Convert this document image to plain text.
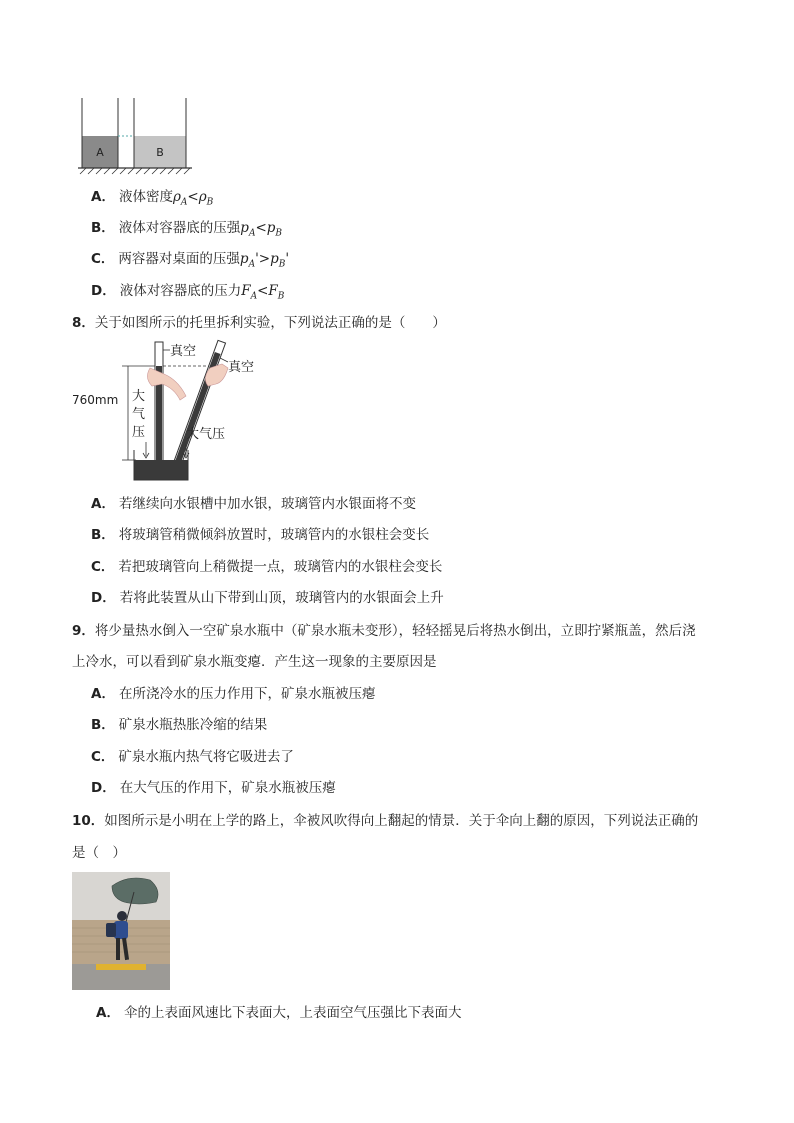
A	B
A． 液体密度$\rho_A<\rho_B$
B． 液体对容器底的压强$p_A<p_B$
C． 两容器对桌面的压强$p_A'>p_B'$
D． 液体对容器底的压力$F_A<F_B$
8．关于如图所示的托里拆利实验，下列说法正确的是（　　）
760mm
真空
真空
大
气
压	大气压
A． 若继续向水银槽中加水银，玻璃管内水银面将不变
B． 将玻璃管稍微倾斜放置时，玻璃管内的水银柱会变长
C． 若把玻璃管向上稍微提一点，玻璃管内的水银柱会变长
D． 若将此装置从山下带到山顶，玻璃管内的水银面会上升
9．将少量热水倒入一空矿泉水瓶中（矿泉水瓶未变形），轻轻摇晃后将热水倒出，立即拧紧瓶盖，然后浇
上冷水，可以看到矿泉水瓶变瘪．产生这一现象的主要原因是
A． 在所浇冷水的压力作用下，矿泉水瓶被压瘪
B． 矿泉水瓶热胀冷缩的结果
C． 矿泉水瓶内热气将它吸进去了
D． 在大气压的作用下，矿泉水瓶被压瘪
10．如图所示是小明在上学的路上，伞被风吹得向上翻起的情景．关于伞向上翻的原因，下列说法正确的
是（　）
A． 伞的上表面风速比下表面大，上表面空气压强比下表面大
